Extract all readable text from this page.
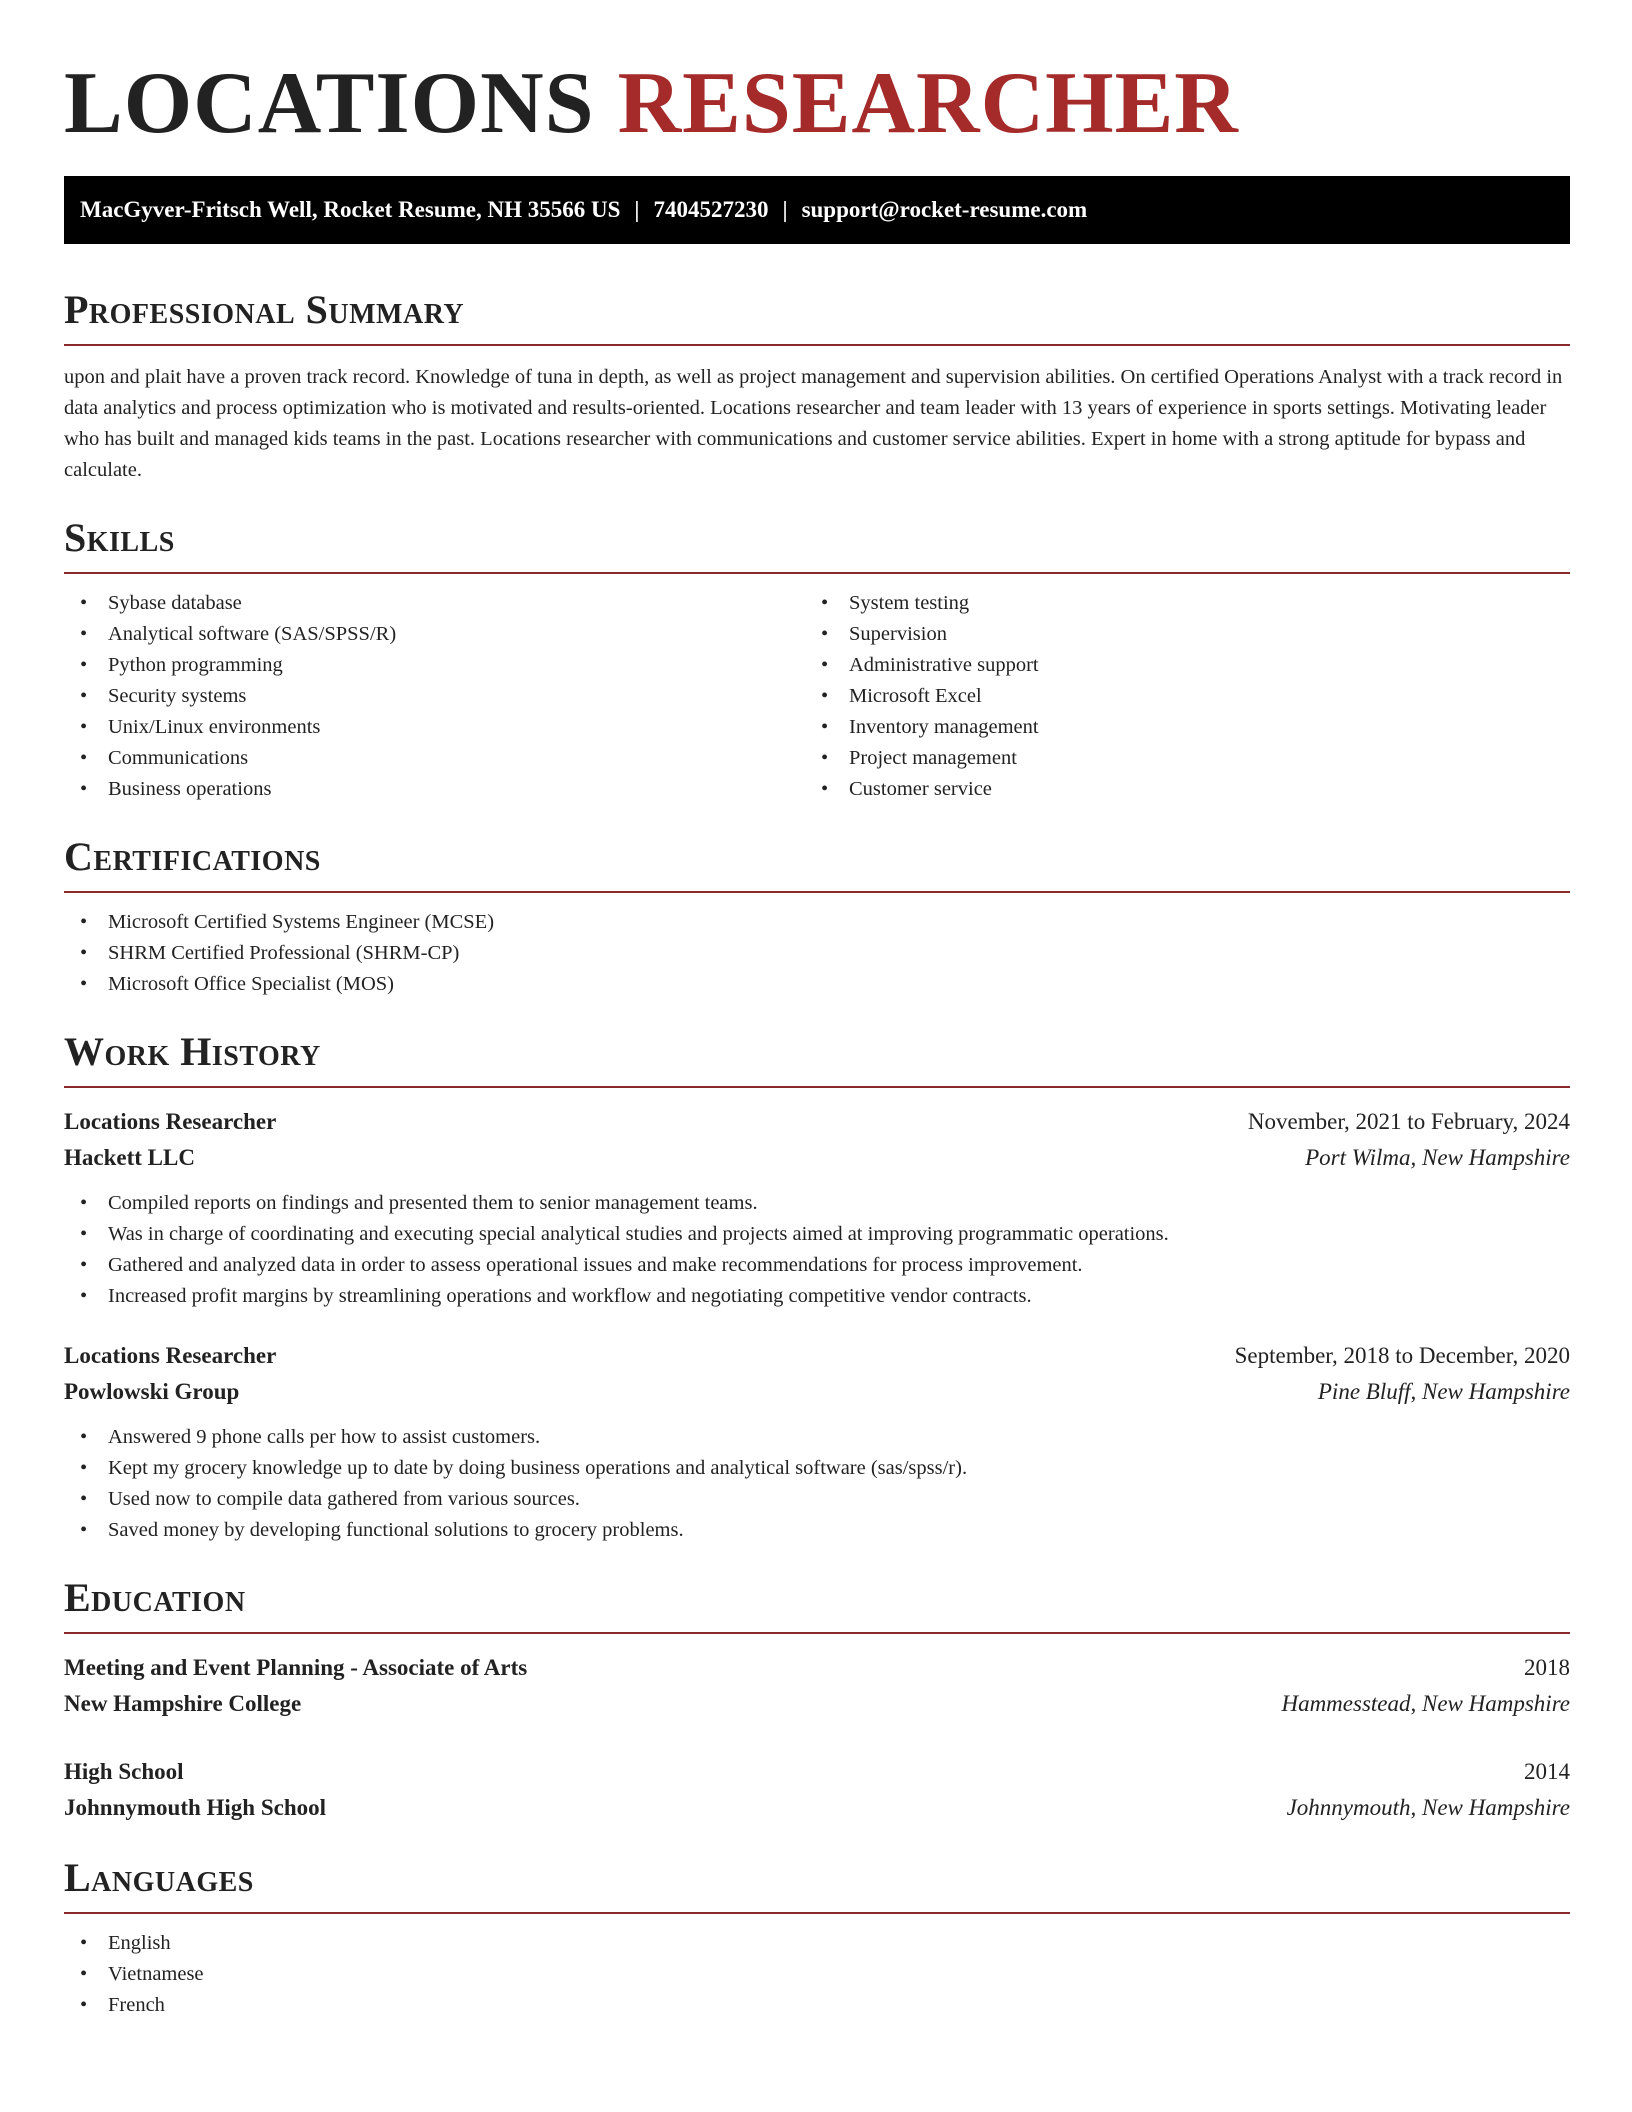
LOCATIONS RESEARCHER
MacGyver-Fritsch Well, Rocket Resume, NH 35566 US | 7404527230 | support@rocket-resume.com
Professional Summary

upon and plait have a proven track record. Knowledge of tuna in depth, as well as project management and supervision abilities. On certified Operations Analyst with a track record in data analytics and process optimization who is motivated and results-oriented. Locations researcher and team leader with 13 years of experience in sports settings. Motivating leader who has built and managed kids teams in the past. Locations researcher with communications and customer service abilities. Expert in home with a strong aptitude for bypass and calculate.

Skills
• Sybase database
• Analytical software (SAS/SPSS/R)
• Python programming
• Security systems
• Unix/Linux environments
• Communications
• Business operations
• System testing
• Supervision
• Administrative support
• Microsoft Excel
• Inventory management
• Project management
• Customer service
Certifications
• Microsoft Certified Systems Engineer (MCSE)
• SHRM Certified Professional (SHRM-CP)
• Microsoft Office Specialist (MOS)
Work History
Locations Researcher	November, 2021 to February, 2024
Hackett LLC	Port Wilma, New Hampshire
• Compiled reports on findings and presented them to senior management teams.
• Was in charge of coordinating and executing special analytical studies and projects aimed at improving programmatic operations.
• Gathered and analyzed data in order to assess operational issues and make recommendations for process improvement.
• Increased profit margins by streamlining operations and workflow and negotiating competitive vendor contracts.
Locations Researcher	September, 2018 to December, 2020
Powlowski Group	Pine Bluff, New Hampshire
• Answered 9 phone calls per how to assist customers.
• Kept my grocery knowledge up to date by doing business operations and analytical software (sas/spss/r).
• Used now to compile data gathered from various sources.
• Saved money by developing functional solutions to grocery problems.
Education
Meeting and Event Planning - Associate of Arts	2018
New Hampshire College	Hammesstead, New Hampshire
High School	2014
Johnnymouth High School	Johnnymouth, New Hampshire
Languages
• English
• Vietnamese
• French
